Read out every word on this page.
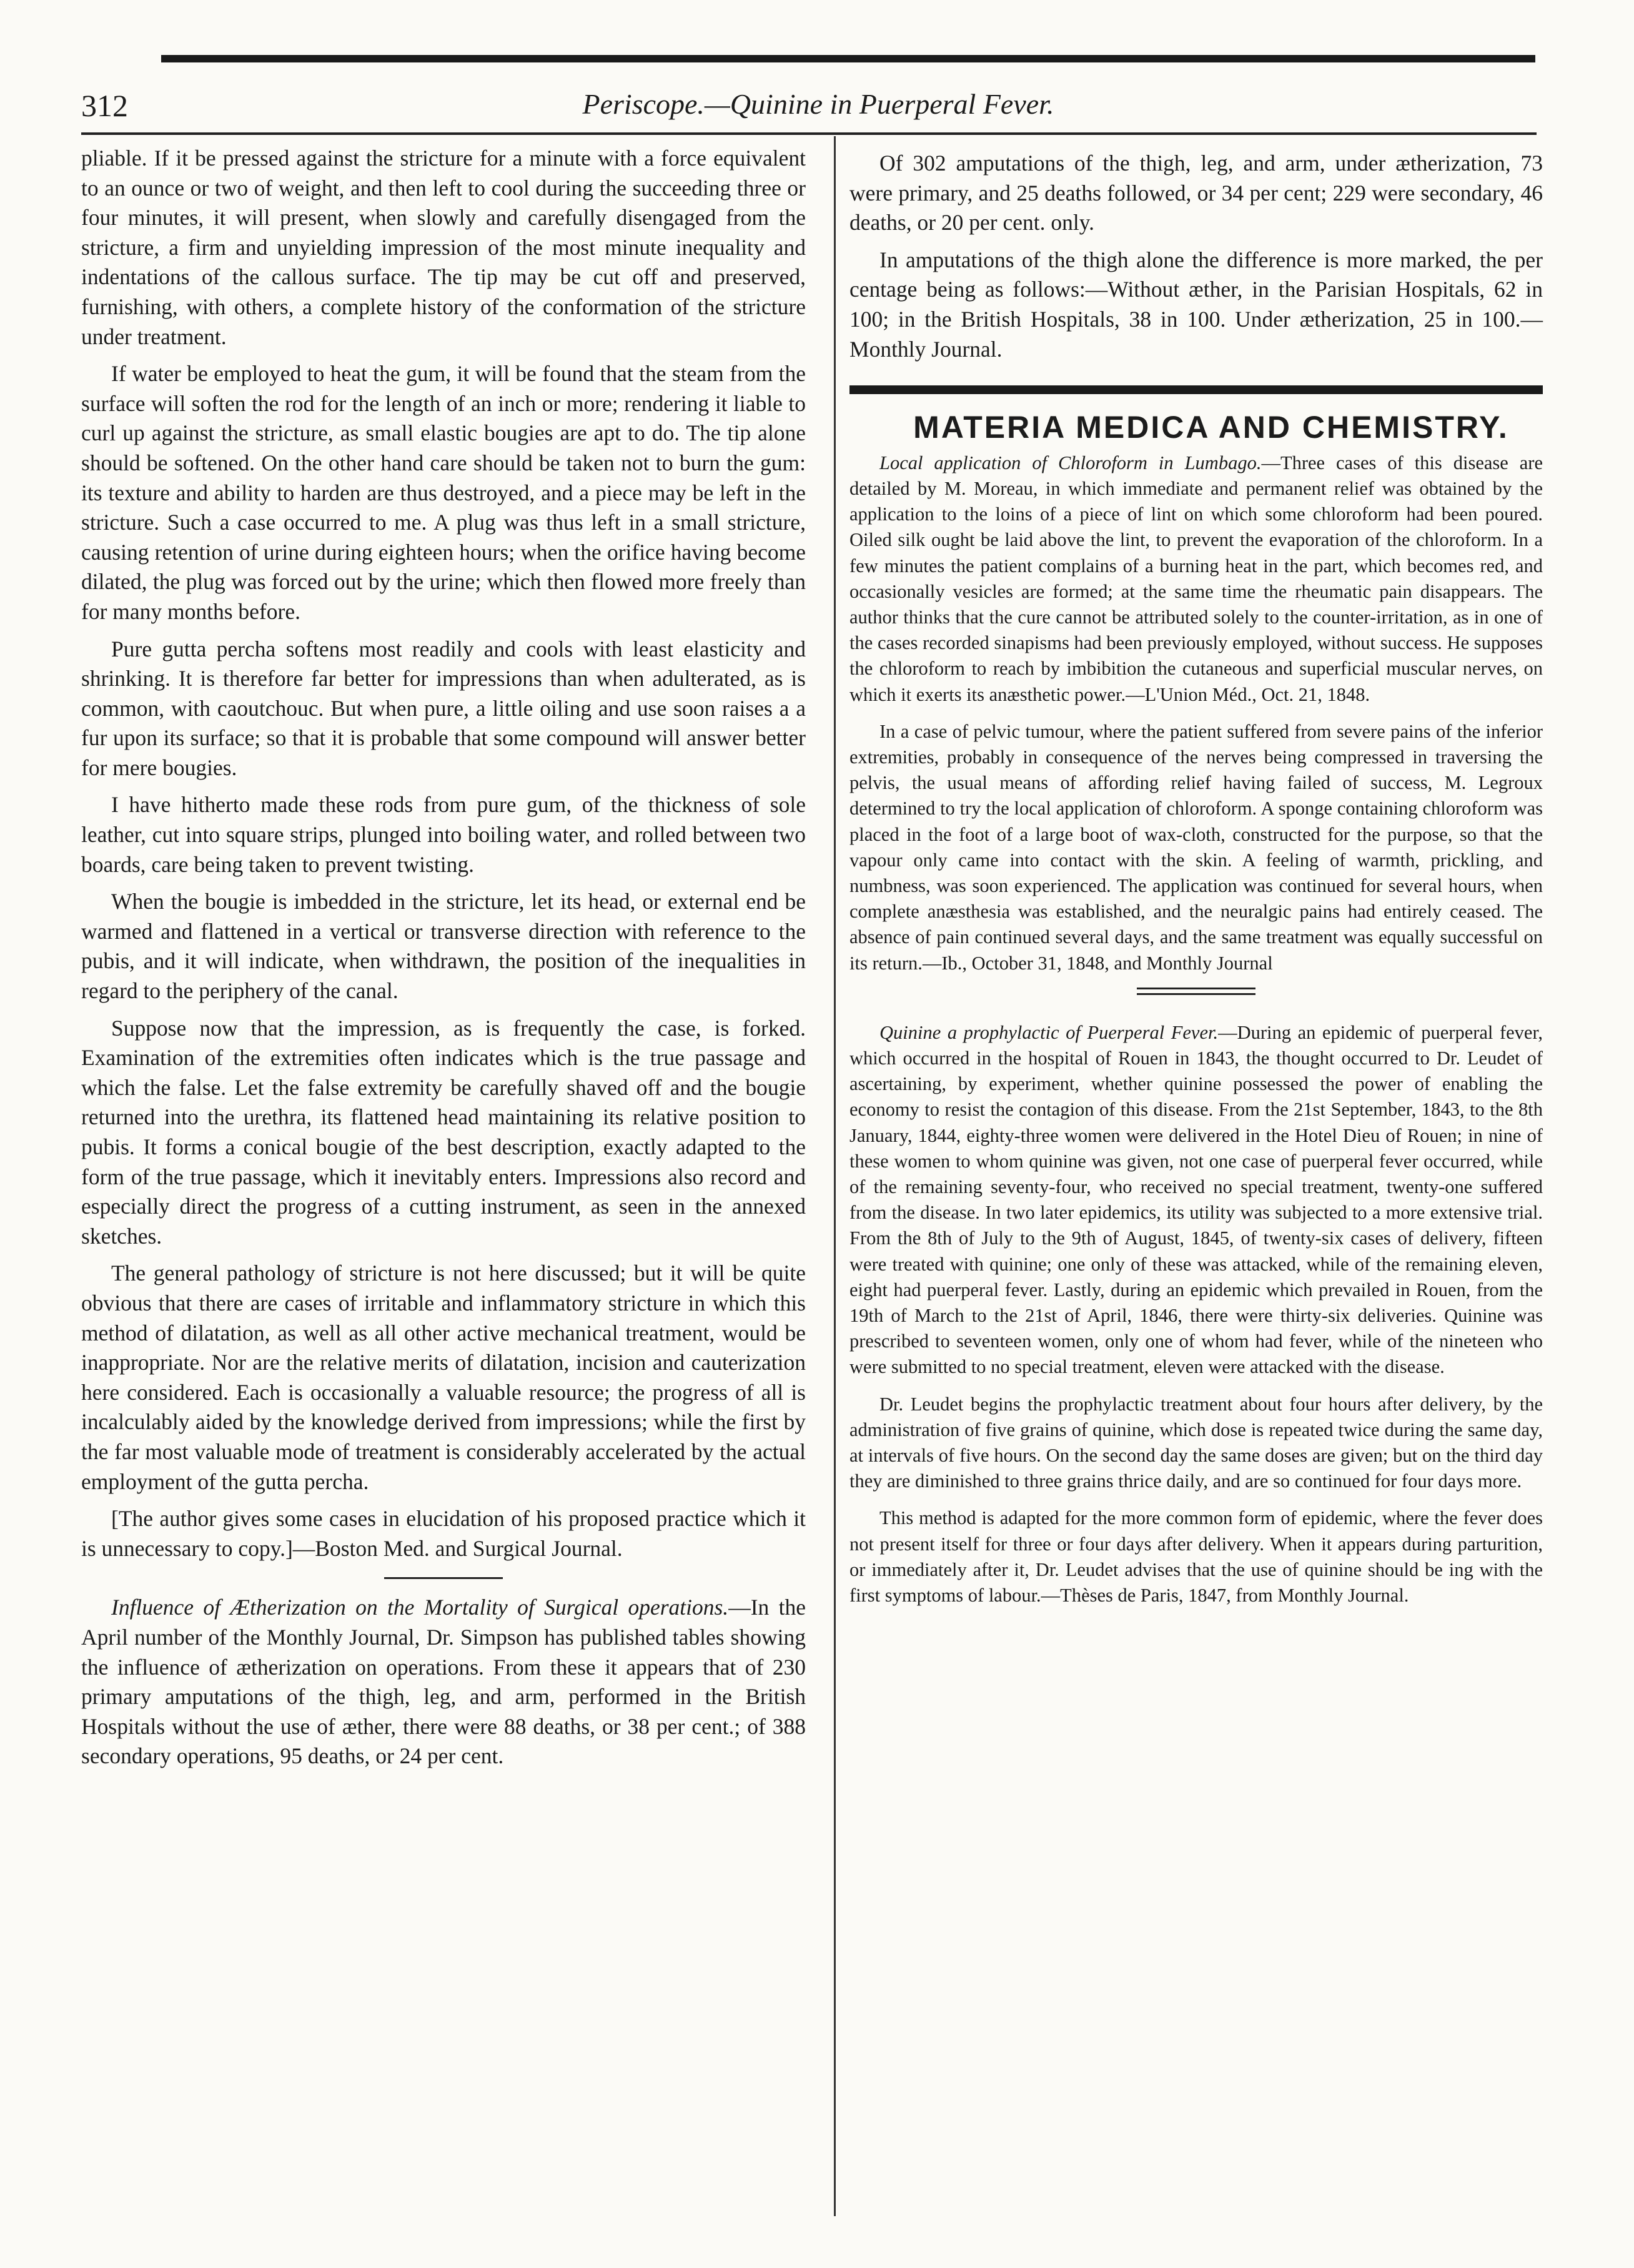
312	Periscope.—Quinine in Puerperal Fever.

pliable. If it be pressed against the stricture for a minute with a force equivalent to an ounce or two of weight, and then left to cool during the succeeding three or four minutes, it will present, when slowly and carefully disengaged from the stricture, a firm and unyielding impression of the most minute inequality and indentations of the callous surface. The tip may be cut off and preserved, furnishing, with others, a complete history of the conformation of the stricture under treatment.

If water be employed to heat the gum, it will be found that the steam from the surface will soften the rod for the length of an inch or more; rendering it liable to curl up against the stricture, as small elastic bougies are apt to do. The tip alone should be softened. On the other hand care should be taken not to burn the gum: its texture and ability to harden are thus destroyed, and a piece may be left in the stricture. Such a case occurred to me. A plug was thus left in a small stricture, causing retention of urine during eighteen hours; when the orifice having become dilated, the plug was forced out by the urine; which then flowed more freely than for many months before.

Pure gutta percha softens most readily and cools with least elasticity and shrinking. It is therefore far better for impressions than when adulterated, as is common, with caoutchouc. But when pure, a little oiling and use soon raises a a fur upon its surface; so that it is probable that some compound will answer better for mere bougies.

I have hitherto made these rods from pure gum, of the thickness of sole leather, cut into square strips, plunged into boiling water, and rolled between two boards, care being taken to prevent twisting.

When the bougie is imbedded in the stricture, let its head, or external end be warmed and flattened in a vertical or transverse direction with reference to the pubis, and it will indicate, when withdrawn, the position of the inequalities in regard to the periphery of the canal.

Suppose now that the impression, as is frequently the case, is forked. Examination of the extremities often indicates which is the true passage and which the false. Let the false extremity be carefully shaved off and the bougie returned into the urethra, its flattened head maintaining its relative position to pubis. It forms a conical bougie of the best description, exactly adapted to the form of the true passage, which it inevitably enters. Impressions also record and especially direct the progress of a cutting instrument, as seen in the annexed sketches.

The general pathology of stricture is not here discussed; but it will be quite obvious that there are cases of irritable and inflammatory stricture in which this method of dilatation, as well as all other active mechanical treatment, would be inappropriate. Nor are the relative merits of dilatation, incision and cauterization here considered. Each is occasionally a valuable resource; the progress of all is incalculably aided by the knowledge derived from impressions; while the first by the far most valuable mode of treatment is considerably accelerated by the actual employment of the gutta percha.

[The author gives some cases in elucidation of his proposed practice which it is unnecessary to copy.]—Boston Med. and Surgical Journal.

Influence of Ætherization on the Mortality of Surgical operations.—In the April number of the Monthly Journal, Dr. Simpson has published tables showing the influence of ætherization on operations. From these it appears that of 230 primary amputations of the thigh, leg, and arm, performed in the British Hospitals without the use of æther, there were 88 deaths, or 38 per cent.; of 388 secondary operations, 95 deaths, or 24 per cent.

Of 302 amputations of the thigh, leg, and arm, under ætherization, 73 were primary, and 25 deaths followed, or 34 per cent; 229 were secondary, 46 deaths, or 20 per cent. only.

In amputations of the thigh alone the difference is more marked, the per centage being as follows:—Without æther, in the Parisian Hospitals, 62 in 100; in the British Hospitals, 38 in 100. Under ætherization, 25 in 100.—Monthly Journal.

MATERIA MEDICA AND CHEMISTRY.

Local application of Chloroform in Lumbago.—Three cases of this disease are detailed by M. Moreau, in which immediate and permanent relief was obtained by the application to the loins of a piece of lint on which some chloroform had been poured. Oiled silk ought be laid above the lint, to prevent the evaporation of the chloroform. In a few minutes the patient complains of a burning heat in the part, which becomes red, and occasionally vesicles are formed; at the same time the rheumatic pain disappears. The author thinks that the cure cannot be attributed solely to the counter-irritation, as in one of the cases recorded sinapisms had been previously employed, without success. He supposes the chloroform to reach by imbibition the cutaneous and superficial muscular nerves, on which it exerts its anæsthetic power.—L'Union Méd., Oct. 21, 1848.

In a case of pelvic tumour, where the patient suffered from severe pains of the inferior extremities, probably in consequence of the nerves being compressed in traversing the pelvis, the usual means of affording relief having failed of success, M. Legroux determined to try the local application of chloroform. A sponge containing chloroform was placed in the foot of a large boot of wax-cloth, constructed for the purpose, so that the vapour only came into contact with the skin. A feeling of warmth, prickling, and numbness, was soon experienced. The application was continued for several hours, when complete anæsthesia was established, and the neuralgic pains had entirely ceased. The absence of pain continued several days, and the same treatment was equally successful on its return.—Ib., October 31, 1848, and Monthly Journal

Quinine a prophylactic of Puerperal Fever.—During an epidemic of puerperal fever, which occurred in the hospital of Rouen in 1843, the thought occurred to Dr. Leudet of ascertaining, by experiment, whether quinine possessed the power of enabling the economy to resist the contagion of this disease. From the 21st September, 1843, to the 8th January, 1844, eighty-three women were delivered in the Hotel Dieu of Rouen; in nine of these women to whom quinine was given, not one case of puerperal fever occurred, while of the remaining seventy-four, who received no special treatment, twenty-one suffered from the disease. In two later epidemics, its utility was subjected to a more extensive trial. From the 8th of July to the 9th of August, 1845, of twenty-six cases of delivery, fifteen were treated with quinine; one only of these was attacked, while of the remaining eleven, eight had puerperal fever. Lastly, during an epidemic which prevailed in Rouen, from the 19th of March to the 21st of April, 1846, there were thirty-six deliveries. Quinine was prescribed to seventeen women, only one of whom had fever, while of the nineteen who were submitted to no special treatment, eleven were attacked with the disease.

Dr. Leudet begins the prophylactic treatment about four hours after delivery, by the administration of five grains of quinine, which dose is repeated twice during the same day, at intervals of five hours. On the second day the same doses are given; but on the third day they are diminished to three grains thrice daily, and are so continued for four days more.

This method is adapted for the more common form of epidemic, where the fever does not present itself for three or four days after delivery. When it appears during parturition, or immediately after it, Dr. Leudet advises that the use of quinine should be ing with the first symptoms of labour.—Thèses de Paris, 1847, from Monthly Journal.
